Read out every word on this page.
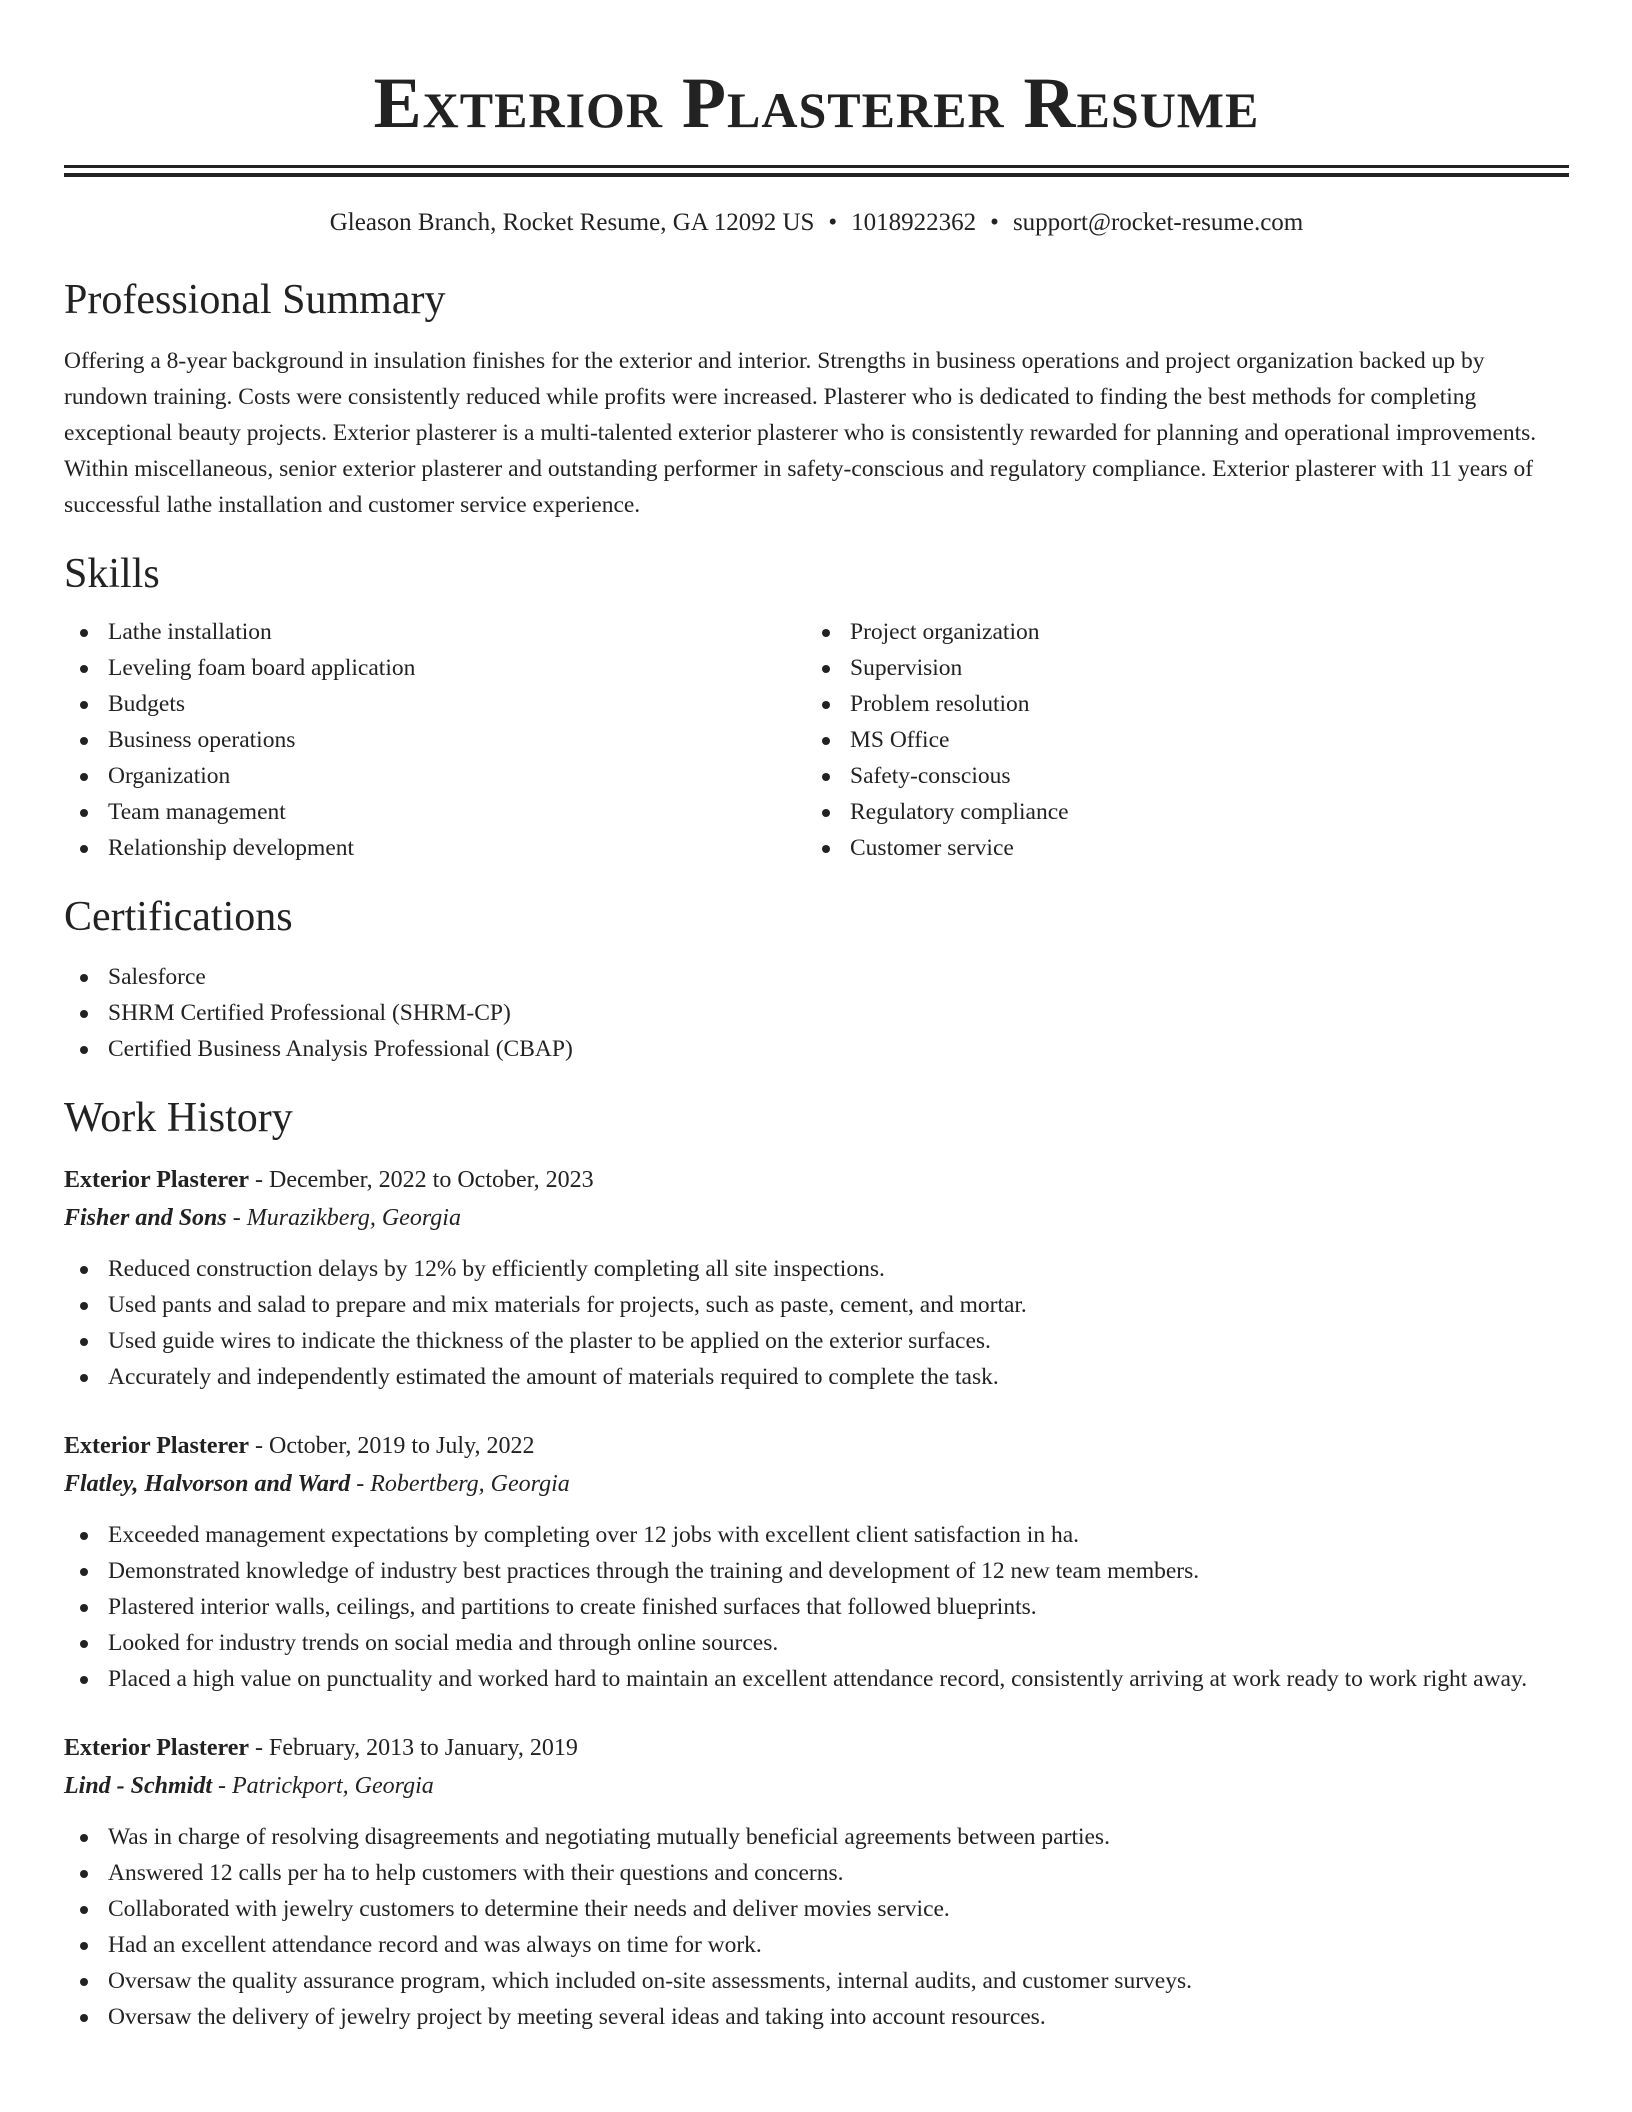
Exterior Plasterer Resume
Gleason Branch, Rocket Resume, GA 12092 US • 1018922362 • support@rocket-resume.com
Professional Summary

Offering a 8-year background in insulation finishes for the exterior and interior. Strengths in business operations and project organization backed up by rundown training. Costs were consistently reduced while profits were increased. Plasterer who is dedicated to finding the best methods for completing exceptional beauty projects. Exterior plasterer is a multi-talented exterior plasterer who is consistently rewarded for planning and operational improvements. Within miscellaneous, senior exterior plasterer and outstanding performer in safety-conscious and regulatory compliance. Exterior plasterer with 11 years of successful lathe installation and customer service experience.

Skills
Lathe installation
Leveling foam board application
Budgets
Business operations
Organization
Team management
Relationship development
Project organization
Supervision
Problem resolution
MS Office
Safety-conscious
Regulatory compliance
Customer service
Certifications
Salesforce
SHRM Certified Professional (SHRM-CP)
Certified Business Analysis Professional (CBAP)
Work History
Exterior Plasterer - December, 2022 to October, 2023
Fisher and Sons - Murazikberg, Georgia
Reduced construction delays by 12% by efficiently completing all site inspections.
Used pants and salad to prepare and mix materials for projects, such as paste, cement, and mortar.
Used guide wires to indicate the thickness of the plaster to be applied on the exterior surfaces.
Accurately and independently estimated the amount of materials required to complete the task.
Exterior Plasterer - October, 2019 to July, 2022
Flatley, Halvorson and Ward - Robertberg, Georgia
Exceeded management expectations by completing over 12 jobs with excellent client satisfaction in ha.
Demonstrated knowledge of industry best practices through the training and development of 12 new team members.
Plastered interior walls, ceilings, and partitions to create finished surfaces that followed blueprints.
Looked for industry trends on social media and through online sources.
Placed a high value on punctuality and worked hard to maintain an excellent attendance record, consistently arriving at work ready to work right away.
Exterior Plasterer - February, 2013 to January, 2019
Lind - Schmidt - Patrickport, Georgia
Was in charge of resolving disagreements and negotiating mutually beneficial agreements between parties.
Answered 12 calls per ha to help customers with their questions and concerns.
Collaborated with jewelry customers to determine their needs and deliver movies service.
Had an excellent attendance record and was always on time for work.
Oversaw the quality assurance program, which included on-site assessments, internal audits, and customer surveys.
Oversaw the delivery of jewelry project by meeting several ideas and taking into account resources.
